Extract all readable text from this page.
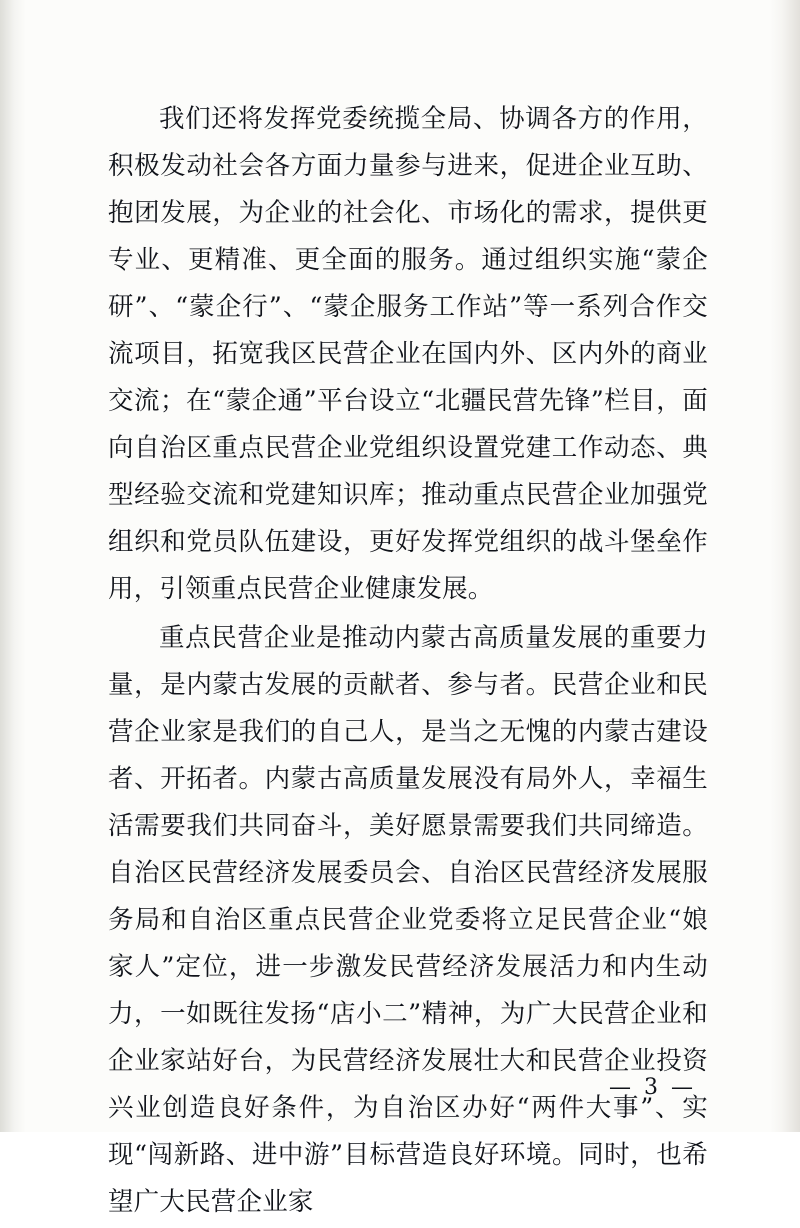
我们还将发挥党委统揽全局、协调各方的作用，积极发动社会各方面力量参与进来，促进企业互助、抱团发展，为企业的社会化、市场化的需求，提供更专业、更精准、更全面的服务。通过组织实施“蒙企研”、“蒙企行”、“蒙企服务工作站”等一系列合作交流项目，拓宽我区民营企业在国内外、区内外的商业交流；在“蒙企通”平台设立“北疆民营先锋”栏目，面向自治区重点民营企业党组织设置党建工作动态、典型经验交流和党建知识库；推动重点民营企业加强党组织和党员队伍建设，更好发挥党组织的战斗堡垒作用，引领重点民营企业健康发展。

重点民营企业是推动内蒙古高质量发展的重要力量，是内蒙古发展的贡献者、参与者。民营企业和民营企业家是我们的自己人，是当之无愧的内蒙古建设者、开拓者。内蒙古高质量发展没有局外人，幸福生活需要我们共同奋斗，美好愿景需要我们共同缔造。自治区民营经济发展委员会、自治区民营经济发展服务局和自治区重点民营企业党委将立足民营企业“娘家人”定位，进一步激发民营经济发展活力和内生动力，一如既往发扬“店小二”精神，为广大民营企业和企业家站好台，为民营经济发展壮大和民营企业投资兴业创造良好条件，为自治区办好“两件大事”、实现“闯新路、进中游”目标营造良好环境。同时，也希望广大民营企业家

— 3 —
